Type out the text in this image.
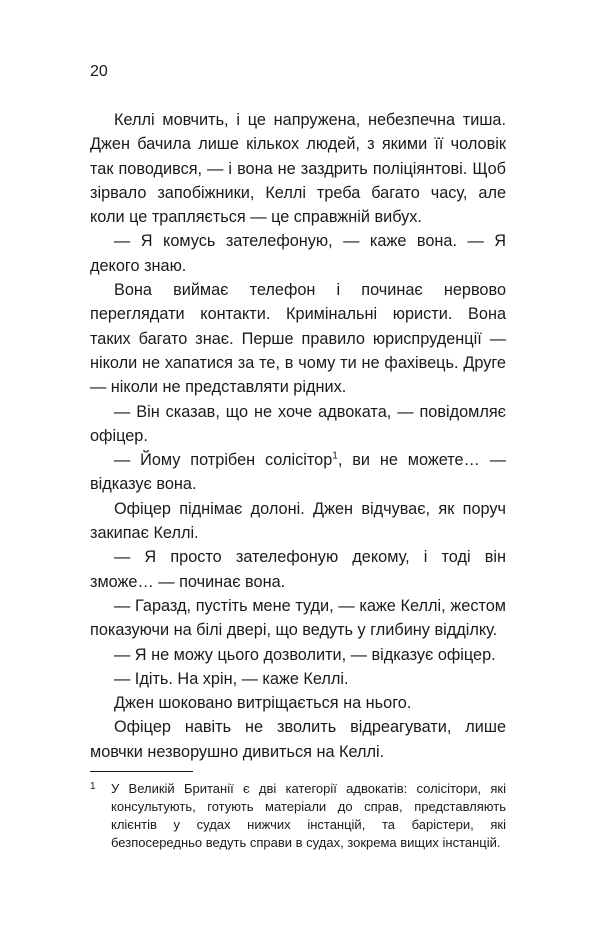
20

Келлі мовчить, і це напружена, небезпечна тиша. Джен бачила лише кількох людей, з якими її чоловік так поводився, — і вона не заздрить поліціянтові. Щоб зірвало запобіжники, Келлі треба багато часу, але коли це трапляється — це справжній вибух.

— Я комусь зателефоную, — каже вона. — Я декого знаю.

Вона виймає телефон і починає нервово переглядати контакти. Кримінальні юристи. Вона таких багато знає. Перше правило юриспруденції — ніколи не хапатися за те, в чому ти не фахівець. Друге — ніколи не представляти рідних.

— Він сказав, що не хоче адвоката, — повідомляє офіцер.

— Йому потрібен солісітор$^1$, ви не можете… — відказує вона.

Офіцер піднімає долоні. Джен відчуває, як поруч закипає Келлі.

— Я просто зателефоную декому, і тоді він зможе… — починає вона.

— Гаразд, пустіть мене туди, — каже Келлі, жестом показуючи на білі двері, що ведуть у глибину відділку.

— Я не можу цього дозволити, — відказує офіцер.

— Ідіть. На хрін, — каже Келлі.

Джен шоковано витріщається на нього.

Офіцер навіть не зволить відреагувати, лише мовчки незворушно дивиться на Келлі.

1 У Великій Британії є дві категорії адвокатів: солісітори, які консультують, готують матеріали до справ, представляють клієнтів у судах нижчих інстанцій, та барістери, які безпосередньо ведуть справи в судах, зокрема вищих інстанцій.
